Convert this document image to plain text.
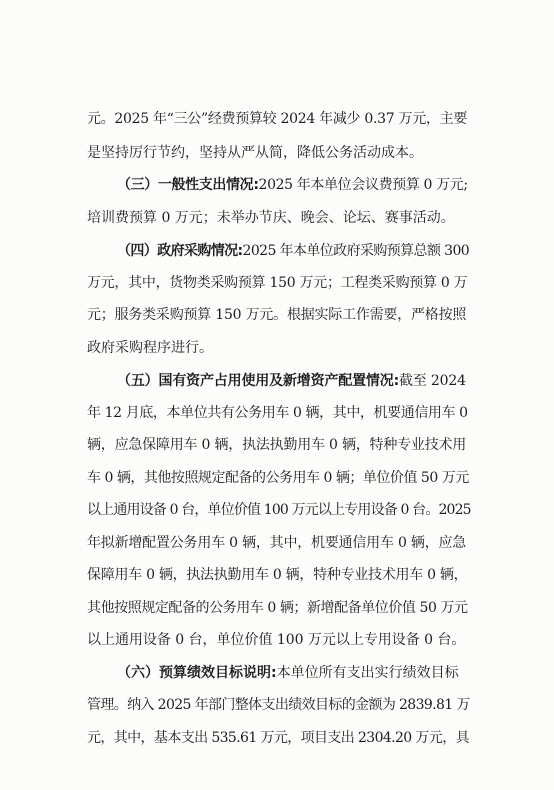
元。2025 年“三公”经费预算较 2024 年减少 0.37 万元，主要
是坚持厉行节约，坚持从严从简，降低公务活动成本。
（三）一般性支出情况:2025 年本单位会议费预算 0 万元;
培训费预算 0 万元；未举办节庆、晚会、论坛、赛事活动。
（四）政府采购情况:2025 年本单位政府采购预算总额 300
万元，其中，货物类采购预算 150 万元；工程类采购预算 0 万
元；服务类采购预算 150 万元。根据实际工作需要，严格按照
政府采购程序进行。
（五）国有资产占用使用及新增资产配置情况:截至 2024
年 12 月底，本单位共有公务用车 0 辆，其中，机要通信用车 0
辆，应急保障用车 0 辆，执法执勤用车 0 辆，特种专业技术用
车 0 辆，其他按照规定配备的公务用车 0 辆；单位价值 50 万元
以上通用设备 0 台，单位价值 100 万元以上专用设备 0 台。2025
年拟新增配置公务用车 0 辆，其中，机要通信用车 0 辆，应急
保障用车 0 辆，执法执勤用车 0 辆，特种专业技术用车 0 辆，
其他按照规定配备的公务用车 0 辆；新增配备单位价值 50 万元
以上通用设备 0 台，单位价值 100 万元以上专用设备 0 台。
（六）预算绩效目标说明:本单位所有支出实行绩效目标
管理。纳入 2025 年部门整体支出绩效目标的金额为 2839.81 万
元，其中，基本支出 535.61 万元，项目支出 2304.20 万元，具
